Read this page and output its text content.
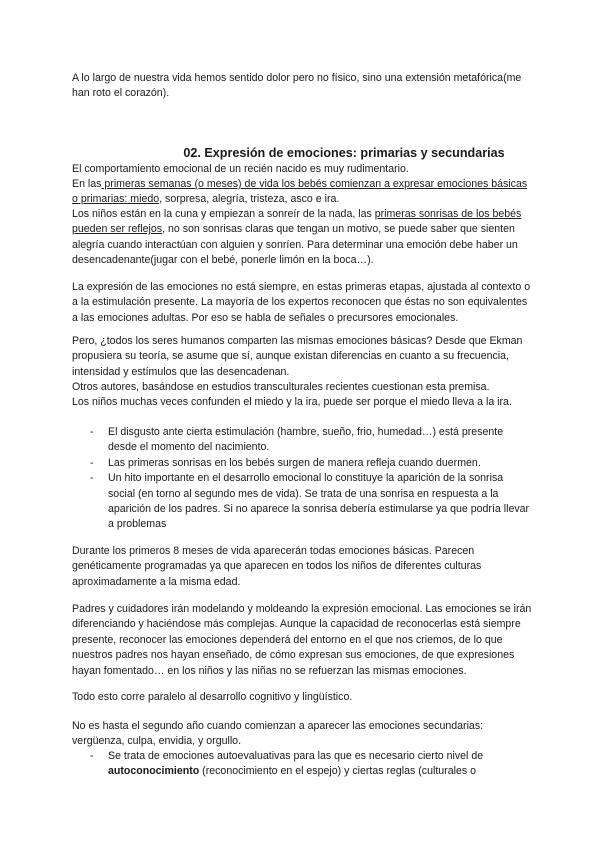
A lo largo de nuestra vida hemos sentido dolor pero no físico, sino una extensión metafórica(me han roto el corazón).

02. Expresión de emociones: primarias y secundarias

El comportamiento emocional de un recién nacido es muy rudimentario.

En las primeras semanas (o meses) de vida los bebés comienzan a expresar emociones básicas o primarias: miedo, sorpresa, alegría, tristeza, asco e ira.

Los niños están en la cuna y empiezan a sonreír de la nada, las primeras sonrisas de los bebés pueden ser reflejos, no son sonrisas claras que tengan un motivo, se puede saber que sienten alegría cuando interactúan con alguien y sonríen. Para determinar una emoción debe haber un desencadenante(jugar con el bebé, ponerle limón en la boca…).

La expresión de las emociones no está siempre, en estas primeras etapas, ajustada al contexto o a la estimulación presente. La mayoría de los expertos reconocen que éstas no son equivalentes a las emociones adultas. Por eso se habla de señales o precursores emocionales.

Pero, ¿todos los seres humanos comparten las mismas emociones básicas? Desde que Ekman propusiera su teoría, se asume que sí, aunque existan diferencias en cuanto a su frecuencia, intensidad y estímulos que las desencadenan.

Otros autores, basándose en estudios transculturales recientes cuestionan esta premisa.

Los niños muchas veces confunden el miedo y la ira, puede ser porque el miedo lleva a la ira.

- El disgusto ante cierta estimulación (hambre, sueño, frio, humedad…) está presente desde el momento del nacimiento.
- Las primeras sonrisas en los bebés surgen de manera refleja cuando duermen.
- Un hito importante en el desarrollo emocional lo constituye la aparición de la sonrisa social (en torno al segundo mes de vida). Se trata de una sonrisa en respuesta a la aparición de los padres. Si no aparece la sonrisa debería estimularse ya que podría llevar a problemas

Durante los primeros 8 meses de vida aparecerán todas emociones básicas. Parecen genéticamente programadas ya que aparecen en todos los niños de diferentes culturas aproximadamente a la misma edad.

Padres y cuidadores irán modelando y moldeando la expresión emocional. Las emociones se irán diferenciando y haciéndose más complejas. Aunque la capacidad de reconocerlas está siempre presente, reconocer las emociones dependerá del entorno en el que nos criemos, de lo que nuestros padres nos hayan enseñado, de cómo expresan sus emociones, de que expresiones hayan fomentado… en los niños y las niñas no se refuerzan las mismas emociones.

Todo esto corre paralelo al desarrollo cognitivo y lingüístico.

No es hasta el segundo año cuando comienzan a aparecer las emociones secundarias: vergüenza, culpa, envidia, y orgullo.

- Se trata de emociones autoevaluativas para las que es necesario cierto nivel de autoconocimiento (reconocimiento en el espejo) y ciertas reglas (culturales o
